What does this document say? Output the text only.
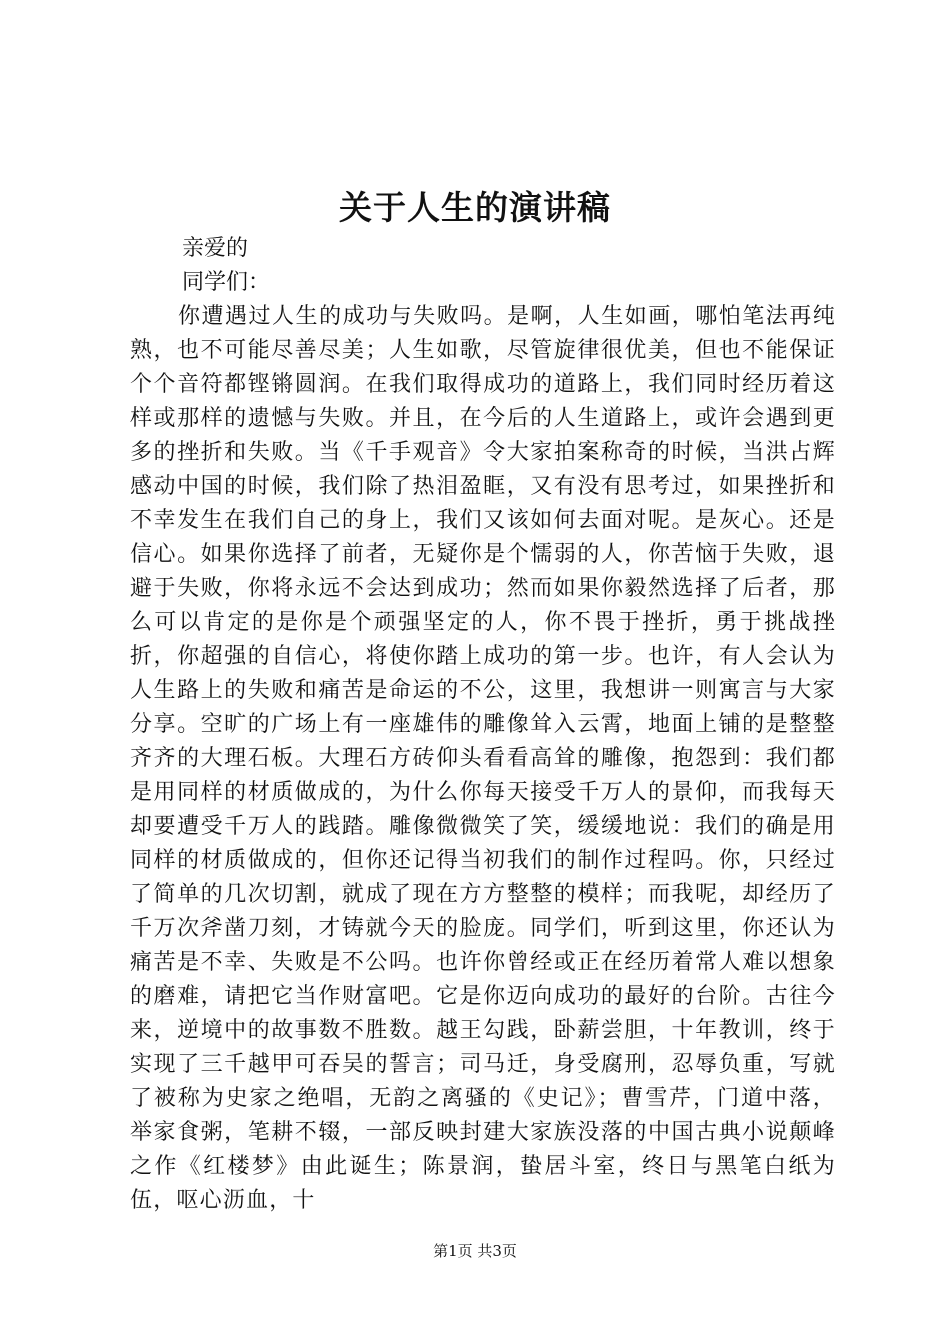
关于人生的演讲稿

亲爱的

同学们：

你遭遇过人生的成功与失败吗。是啊，人生如画，哪怕笔法再纯熟，也不可能尽善尽美；人生如歌，尽管旋律很优美，但也不能保证个个音符都铿锵圆润。在我们取得成功的道路上，我们同时经历着这样或那样的遗憾与失败。并且，在今后的人生道路上，或许会遇到更多的挫折和失败。当《千手观音》令大家拍案称奇的时候，当洪占辉感动中国的时候，我们除了热泪盈眶，又有没有思考过，如果挫折和不幸发生在我们自己的身上，我们又该如何去面对呢。是灰心。还是信心。如果你选择了前者，无疑你是个懦弱的人，你苦恼于失败，退避于失败，你将永远不会达到成功；然而如果你毅然选择了后者，那么可以肯定的是你是个顽强坚定的人，你不畏于挫折，勇于挑战挫折，你超强的自信心，将使你踏上成功的第一步。也许，有人会认为人生路上的失败和痛苦是命运的不公，这里，我想讲一则寓言与大家分享。空旷的广场上有一座雄伟的雕像耸入云霄，地面上铺的是整整齐齐的大理石板。大理石方砖仰头看看高耸的雕像，抱怨到：我们都是用同样的材质做成的，为什么你每天接受千万人的景仰，而我每天却要遭受千万人的践踏。雕像微微笑了笑，缓缓地说：我们的确是用同样的材质做成的，但你还记得当初我们的制作过程吗。你，只经过了简单的几次切割，就成了现在方方整整的模样；而我呢，却经历了千万次斧凿刀刻，才铸就今天的脸庞。同学们，听到这里，你还认为痛苦是不幸、失败是不公吗。也许你曾经或正在经历着常人难以想象的磨难，请把它当作财富吧。它是你迈向成功的最好的台阶。古往今来，逆境中的故事数不胜数。越王勾践，卧薪尝胆，十年教训，终于实现了三千越甲可吞吴的誓言；司马迁，身受腐刑，忍辱负重，写就了被称为史家之绝唱，无韵之离骚的《史记》；曹雪芹，门道中落，举家食粥，笔耕不辍，一部反映封建大家族没落的中国古典小说颠峰之作《红楼梦》由此诞生；陈景润，蛰居斗室，终日与黑笔白纸为伍，呕心沥血，十

第1页 共3页
